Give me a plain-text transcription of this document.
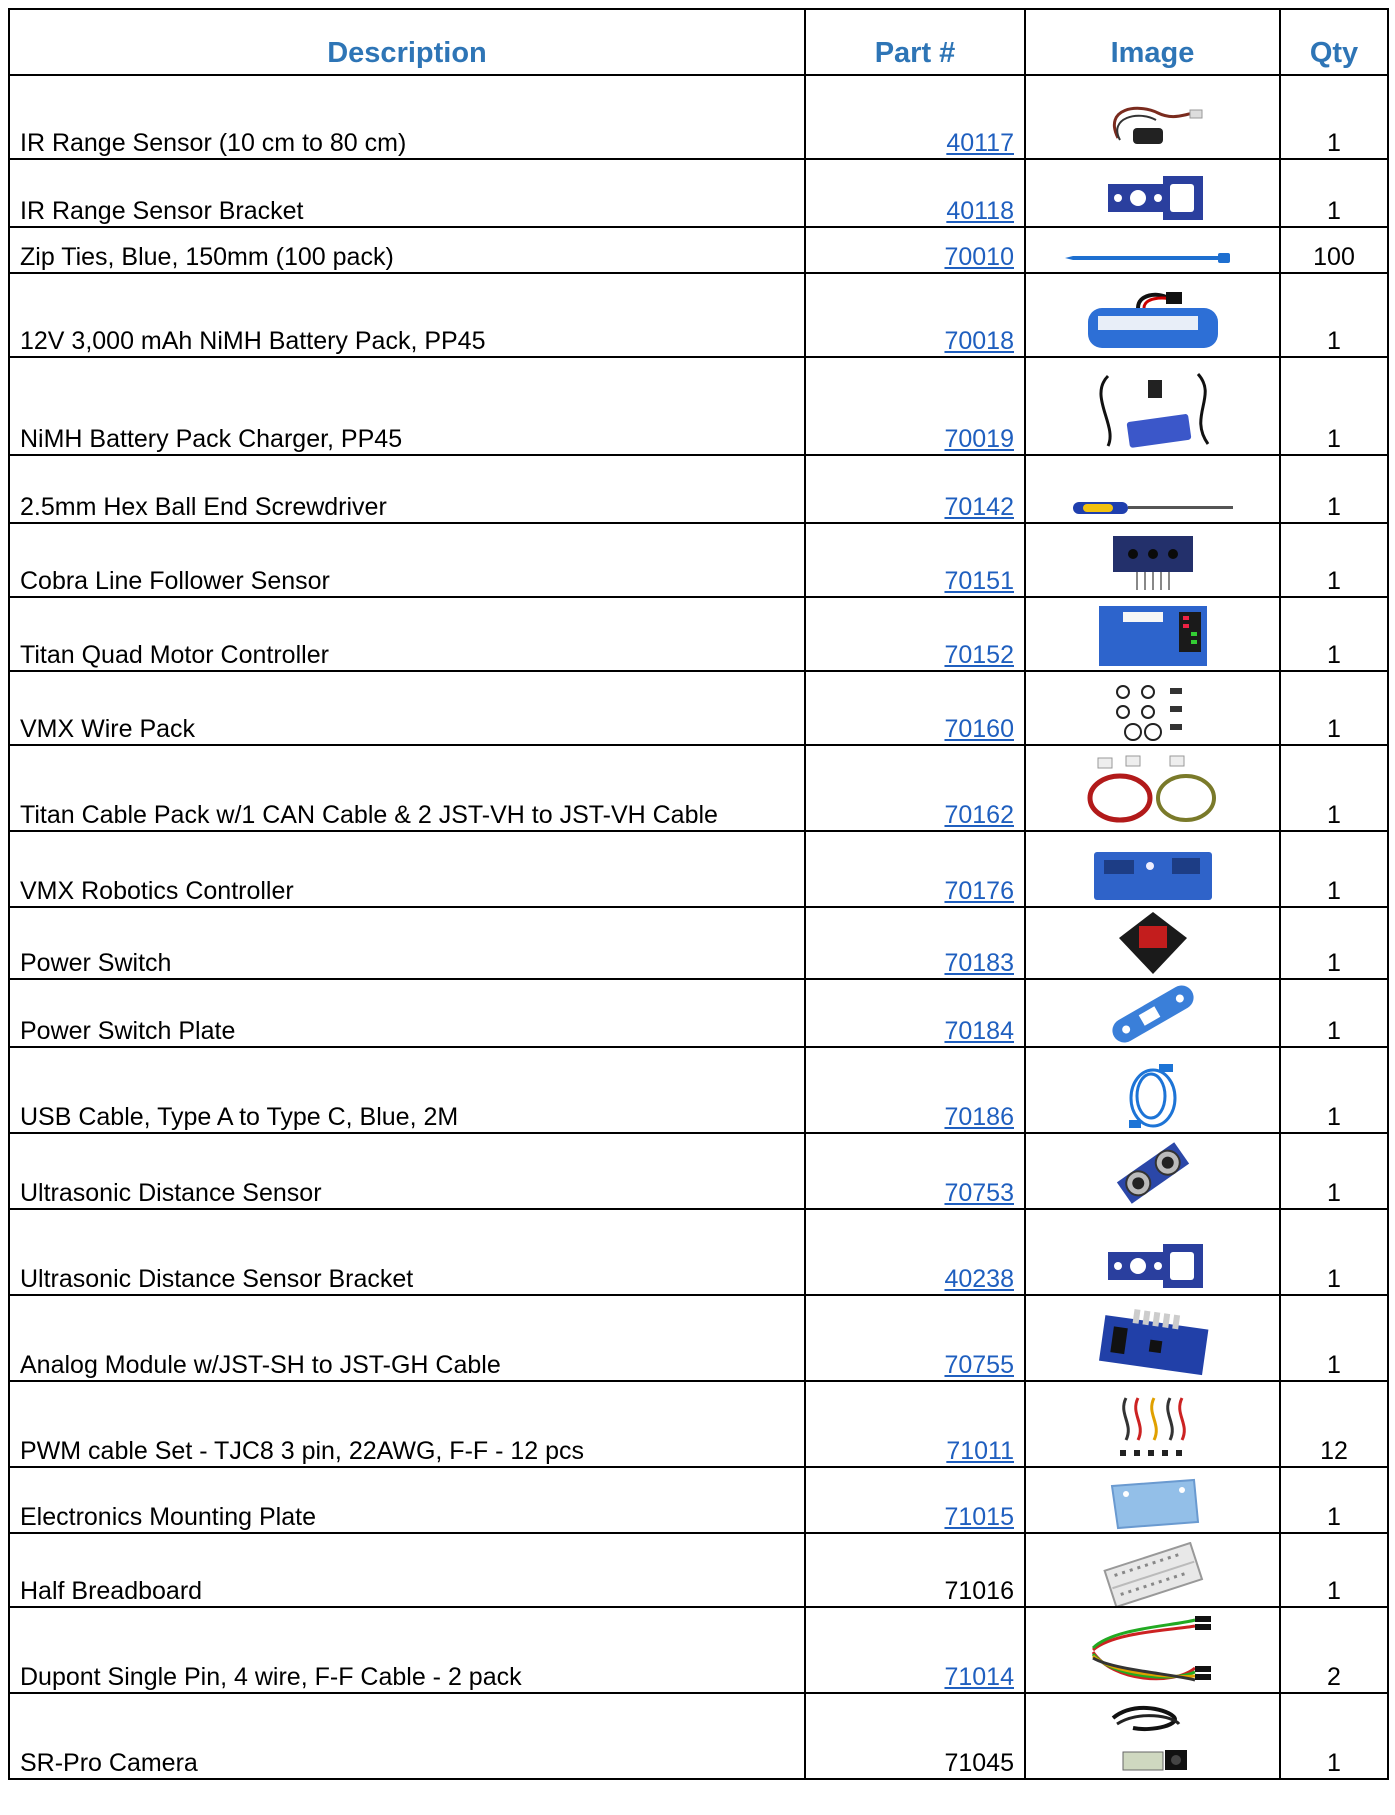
Description	Part #	Image	Qty
IR Range Sensor (10 cm to 80 cm)	40117		1
IR Range Sensor Bracket	40118		1
Zip Ties, Blue, 150mm (100 pack)	70010		100
12V 3,000 mAh NiMH Battery Pack, PP45	70018		1
NiMH Battery Pack Charger, PP45	70019		1
2.5mm Hex Ball End Screwdriver	70142		1
Cobra Line Follower Sensor	70151		1
Titan Quad Motor Controller	70152		1
VMX Wire Pack	70160		1
Titan Cable Pack w/1 CAN Cable & 2 JST-VH to JST-VH Cable	70162		1
VMX Robotics Controller	70176		1
Power Switch	70183		1
Power Switch Plate	70184		1
USB Cable, Type A to Type C, Blue, 2M	70186		1
Ultrasonic Distance Sensor	70753		1
Ultrasonic Distance Sensor Bracket	40238		1
Analog Module w/JST-SH to JST-GH Cable	70755		1
PWM cable Set - TJC8 3 pin, 22AWG, F-F - 12 pcs	71011		12
Electronics Mounting Plate	71015		1
Half Breadboard	71016		1
Dupont Single Pin, 4 wire, F-F Cable - 2 pack	71014		2
SR-Pro Camera	71045		1
